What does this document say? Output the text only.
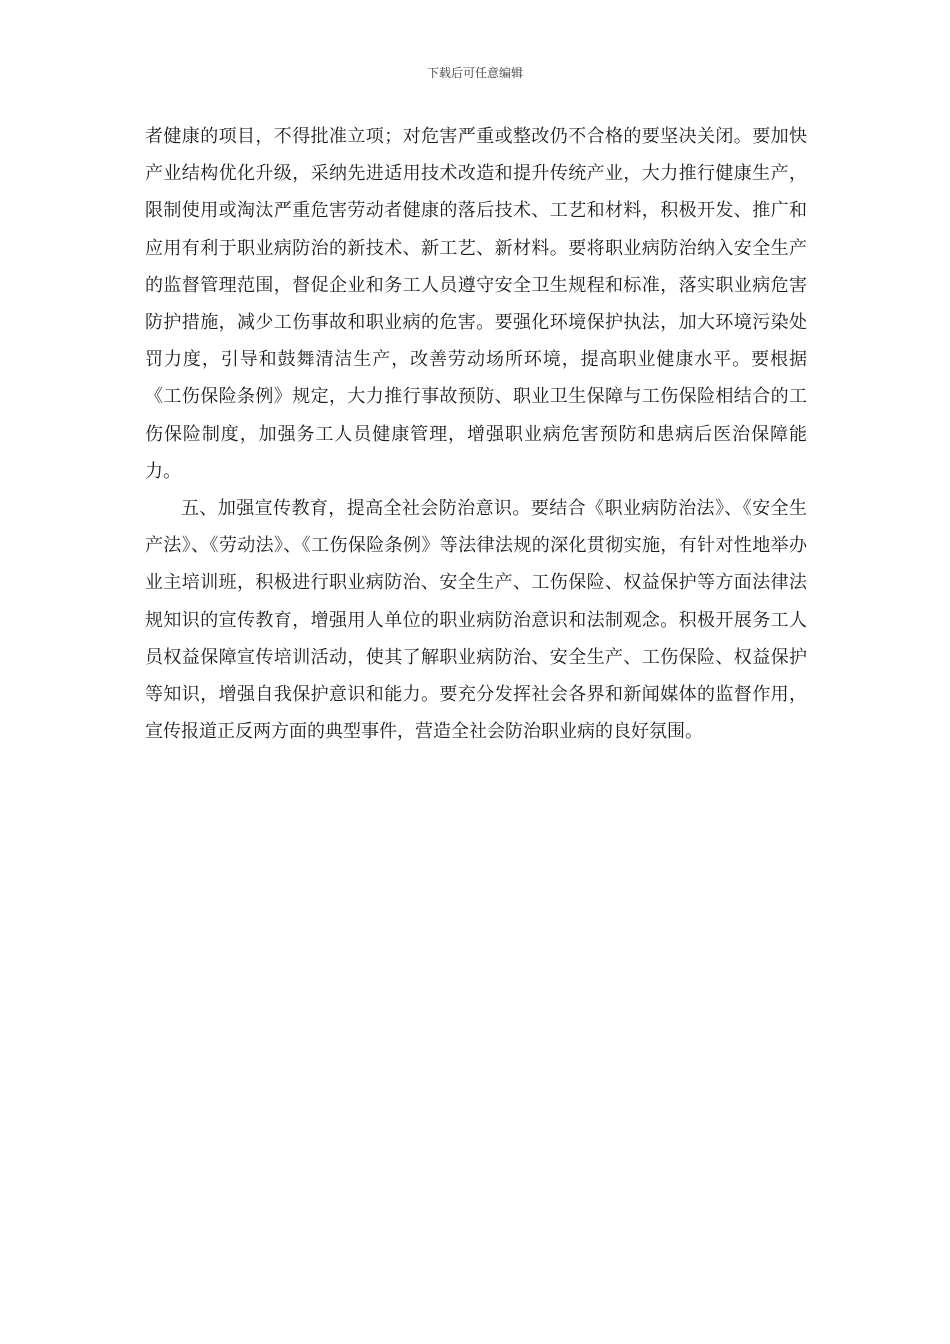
下载后可任意编辑

者健康的项目，不得批准立项；对危害严重或整改仍不合格的要坚决关闭。要加快产业结构优化升级，采纳先进适用技术改造和提升传统产业，大力推行健康生产，限制使用或淘汰严重危害劳动者健康的落后技术、工艺和材料，积极开发、推广和应用有利于职业病防治的新技术、新工艺、新材料。要将职业病防治纳入安全生产的监督管理范围，督促企业和务工人员遵守安全卫生规程和标准，落实职业病危害防护措施，减少工伤事故和职业病的危害。要强化环境保护执法，加大环境污染处罚力度，引导和鼓舞清洁生产，改善劳动场所环境，提高职业健康水平。要根据《工伤保险条例》规定，大力推行事故预防、职业卫生保障与工伤保险相结合的工伤保险制度，加强务工人员健康管理，增强职业病危害预防和患病后医治保障能力。

五、加强宣传教育，提高全社会防治意识。要结合《职业病防治法》、《安全生产法》、《劳动法》、《工伤保险条例》等法律法规的深化贯彻实施，有针对性地举办业主培训班，积极进行职业病防治、安全生产、工伤保险、权益保护等方面法律法规知识的宣传教育，增强用人单位的职业病防治意识和法制观念。积极开展务工人员权益保障宣传培训活动，使其了解职业病防治、安全生产、工伤保险、权益保护等知识，增强自我保护意识和能力。要充分发挥社会各界和新闻媒体的监督作用，宣传报道正反两方面的典型事件，营造全社会防治职业病的良好氛围。
